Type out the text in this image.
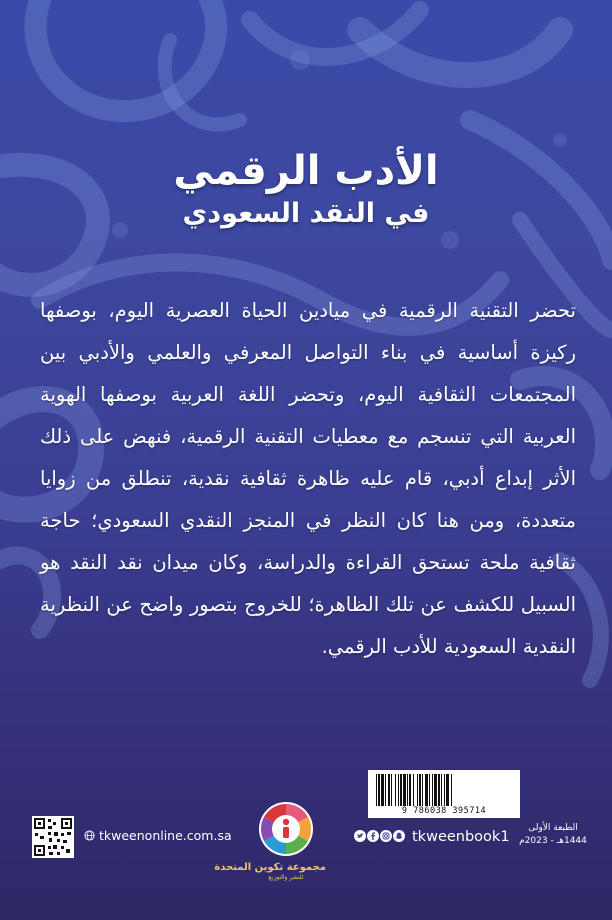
الأدب الرقمي
في النقد السعودي

تحضر التقنية الرقمية في ميادين الحياة العصرية اليوم، بوصفها ركيزة أساسية في بناء التواصل المعرفي والعلمي والأدبي بين المجتمعات الثقافية اليوم، وتحضر اللغة العربية بوصفها الهوية العربية التي تنسجم مع معطيات التقنية الرقمية، فنهض على ذلك الأثر إبداع أدبي، قام عليه ظاهرة ثقافية نقدية، تنطلق من زوايا متعددة، ومن هنا كان النظر في المنجز النقدي السعودي؛ حاجة ثقافية ملحة تستحق القراءة والدراسة، وكان ميدان نقد النقد هو السبيل للكشف عن تلك الظاهرة؛ للخروج بتصور واضح عن النظرية النقدية السعودية للأدب الرقمي.

9 786038 395714
tkweenonline.com.sa
مجموعة تكوين المتحدة
للنشر والتوزيع
tkweenbook1
الطبعة الأولى
1444هـ - 2023م
